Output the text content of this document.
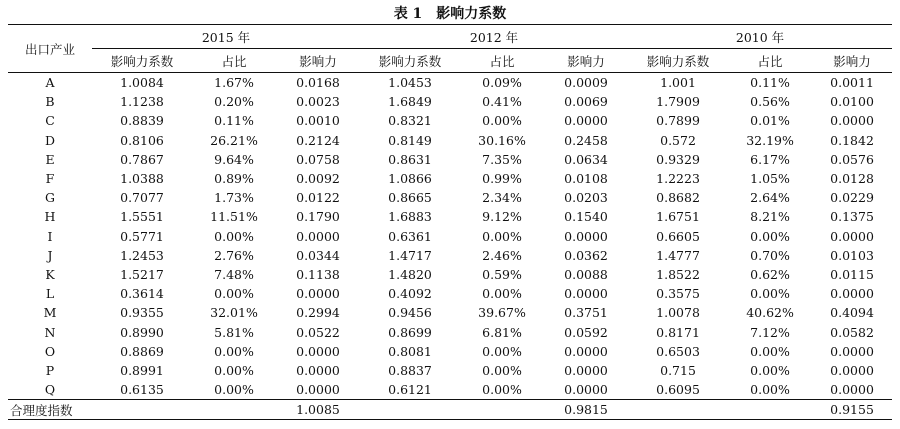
表 1　影响力系数
出口产业	2015 年			2012 年			2010 年		
	影响力系数	占比	影响力	影响力系数	占比	影响力	影响力系数	占比	影响力
A	1.0084	1.67%	0.0168	1.0453	0.09%	0.0009	1.001	0.11%	0.0011
B	1.1238	0.20%	0.0023	1.6849	0.41%	0.0069	1.7909	0.56%	0.0100
C	0.8839	0.11%	0.0010	0.8321	0.00%	0.0000	0.7899	0.01%	0.0000
D	0.8106	26.21%	0.2124	0.8149	30.16%	0.2458	0.572	32.19%	0.1842
E	0.7867	9.64%	0.0758	0.8631	7.35%	0.0634	0.9329	6.17%	0.0576
F	1.0388	0.89%	0.0092	1.0866	0.99%	0.0108	1.2223	1.05%	0.0128
G	0.7077	1.73%	0.0122	0.8665	2.34%	0.0203	0.8682	2.64%	0.0229
H	1.5551	11.51%	0.1790	1.6883	9.12%	0.1540	1.6751	8.21%	0.1375
I	0.5771	0.00%	0.0000	0.6361	0.00%	0.0000	0.6605	0.00%	0.0000
J	1.2453	2.76%	0.0344	1.4717	2.46%	0.0362	1.4777	0.70%	0.0103
K	1.5217	7.48%	0.1138	1.4820	0.59%	0.0088	1.8522	0.62%	0.0115
L	0.3614	0.00%	0.0000	0.4092	0.00%	0.0000	0.3575	0.00%	0.0000
M	0.9355	32.01%	0.2994	0.9456	39.67%	0.3751	1.0078	40.62%	0.4094
N	0.8990	5.81%	0.0522	0.8699	6.81%	0.0592	0.8171	7.12%	0.0582
O	0.8869	0.00%	0.0000	0.8081	0.00%	0.0000	0.6503	0.00%	0.0000
P	0.8991	0.00%	0.0000	0.8837	0.00%	0.0000	0.715	0.00%	0.0000
Q	0.6135	0.00%	0.0000	0.6121	0.00%	0.0000	0.6095	0.00%	0.0000
合理度指数			1.0085			0.9815			0.9155
